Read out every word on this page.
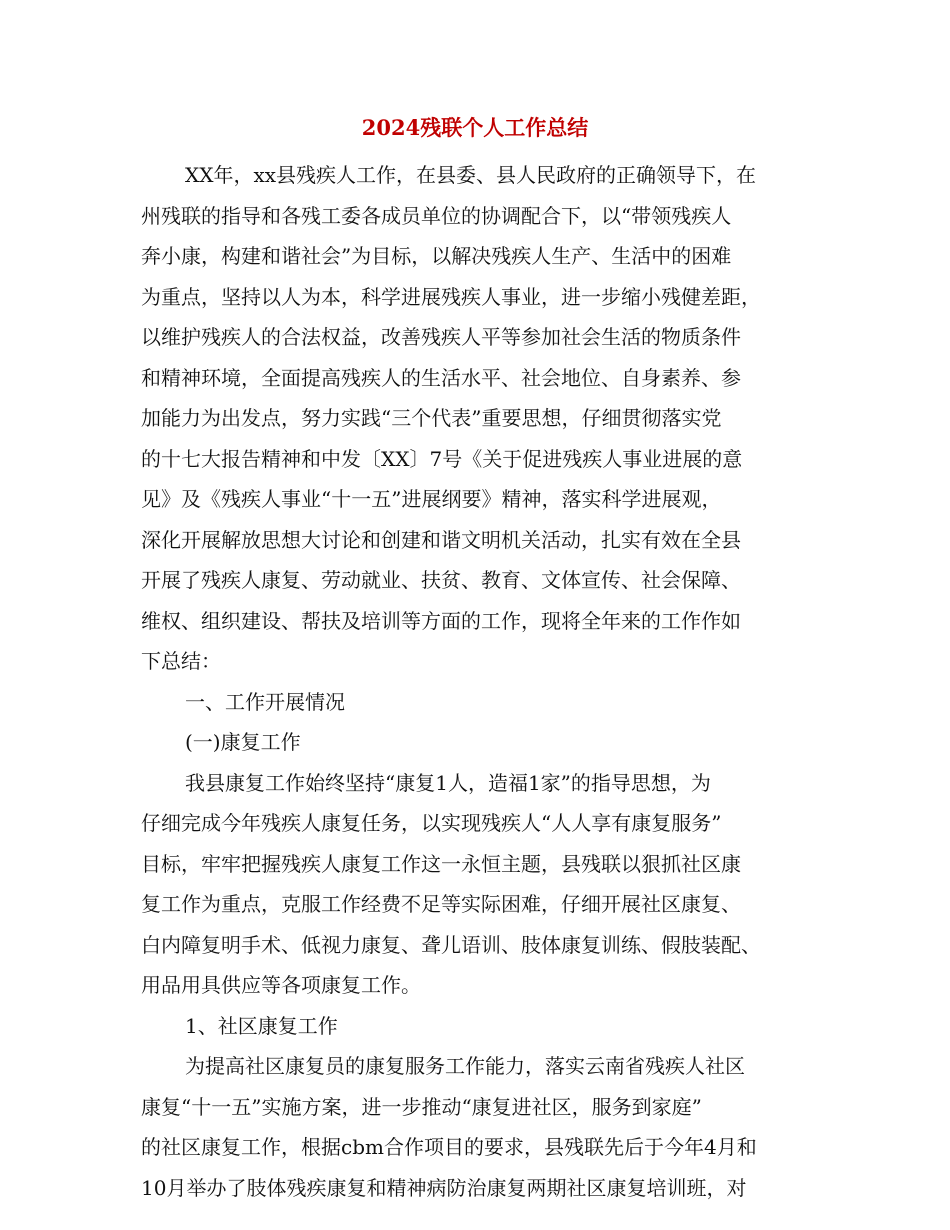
2024残联个人工作总结
XX年，xx县残疾人工作，在县委、县人民政府的正确领导下，在
州残联的指导和各残工委各成员单位的协调配合下，以“带领残疾人
奔小康，构建和谐社会”为目标，以解决残疾人生产、生活中的困难
为重点，坚持以人为本，科学进展残疾人事业，进一步缩小残健差距，
以维护残疾人的合法权益，改善残疾人平等参加社会生活的物质条件
和精神环境，全面提高残疾人的生活水平、社会地位、自身素养、参
加能力为出发点，努力实践“三个代表”重要思想，仔细贯彻落实党
的十七大报告精神和中发〔XX〕7号《关于促进残疾人事业进展的意
见》及《残疾人事业“十一五”进展纲要》精神，落实科学进展观，
深化开展解放思想大讨论和创建和谐文明机关活动，扎实有效在全县
开展了残疾人康复、劳动就业、扶贫、教育、文体宣传、社会保障、
维权、组织建设、帮扶及培训等方面的工作，现将全年来的工作作如
下总结：
一、工作开展情况
(一)康复工作
我县康复工作始终坚持“康复1人，造福1家”的指导思想，为
仔细完成今年残疾人康复任务，以实现残疾人“人人享有康复服务”
目标，牢牢把握残疾人康复工作这一永恒主题，县残联以狠抓社区康
复工作为重点，克服工作经费不足等实际困难，仔细开展社区康复、
白内障复明手术、低视力康复、聋儿语训、肢体康复训练、假肢装配、
用品用具供应等各项康复工作。
1、社区康复工作
为提高社区康复员的康复服务工作能力，落实云南省残疾人社区
康复“十一五”实施方案，进一步推动“康复进社区，服务到家庭”
的社区康复工作，根据cbm合作项目的要求，县残联先后于今年4月和
10月举办了肢体残疾康复和精神病防治康复两期社区康复培训班，对
